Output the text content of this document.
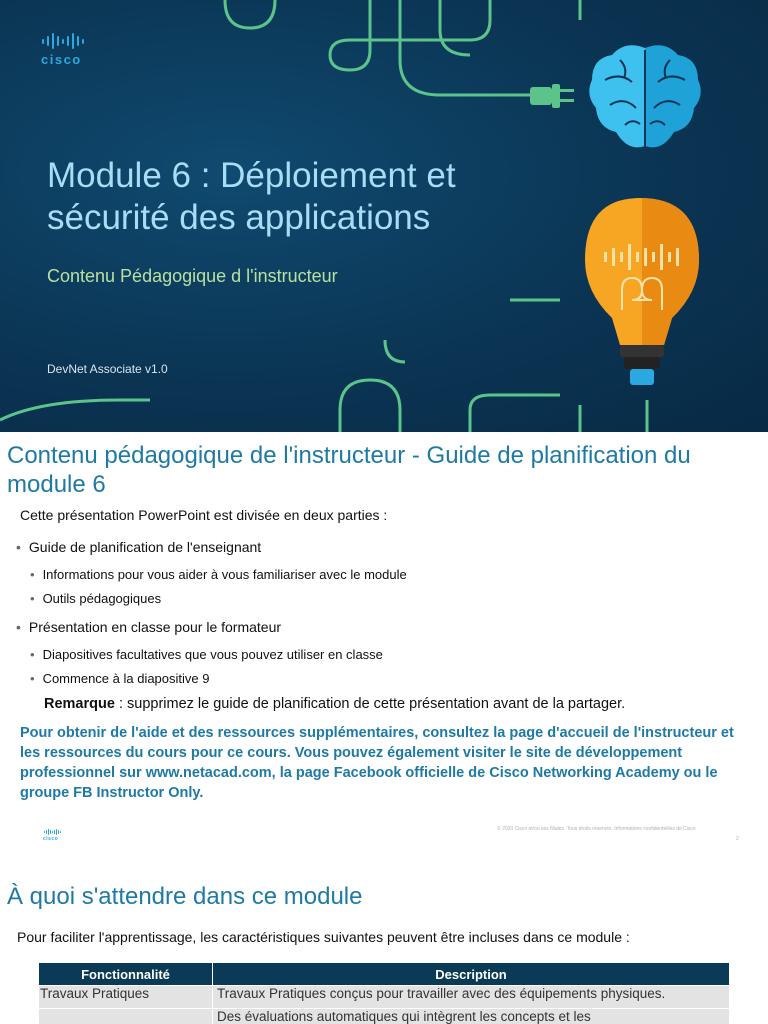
cisco
Module 6 : Déploiement et
sécurité des applications

Contenu Pédagogique d l'instructeur

DevNet Associate v1.0
Contenu pédagogique de l'instructeur - Guide de planification du module 6
Cette présentation PowerPoint est divisée en deux parties :
• Guide de planification de l'enseignant
• Informations pour vous aider à vous familiariser avec le module
• Outils pédagogiques
• Présentation en classe pour le formateur
• Diapositives facultatives que vous pouvez utiliser en classe
• Commence à la diapositive 9
Remarque : supprimez le guide de planification de cette présentation avant de la partager.

Pour obtenir de l'aide et des ressources supplémentaires, consultez la page d'accueil de l'instructeur et les ressources du cours pour ce cours. Vous pouvez également visiter le site de développement professionnel sur www.netacad.com, la page Facebook officielle de Cisco Networking Academy ou le groupe FB Instructor Only.

cisco
© 2020 Cisco et/ou ses filiales. Tous droits réservés. Informations confidentielles de Cisco
2
À quoi s'attendre dans ce module
Pour faciliter l'apprentissage, les caractéristiques suivantes peuvent être incluses dans ce module :
Fonctionnalité	Description
Travaux Pratiques	Travaux Pratiques conçus pour travailler avec des équipements physiques.
	Des évaluations automatiques qui intègrent les concepts et les
